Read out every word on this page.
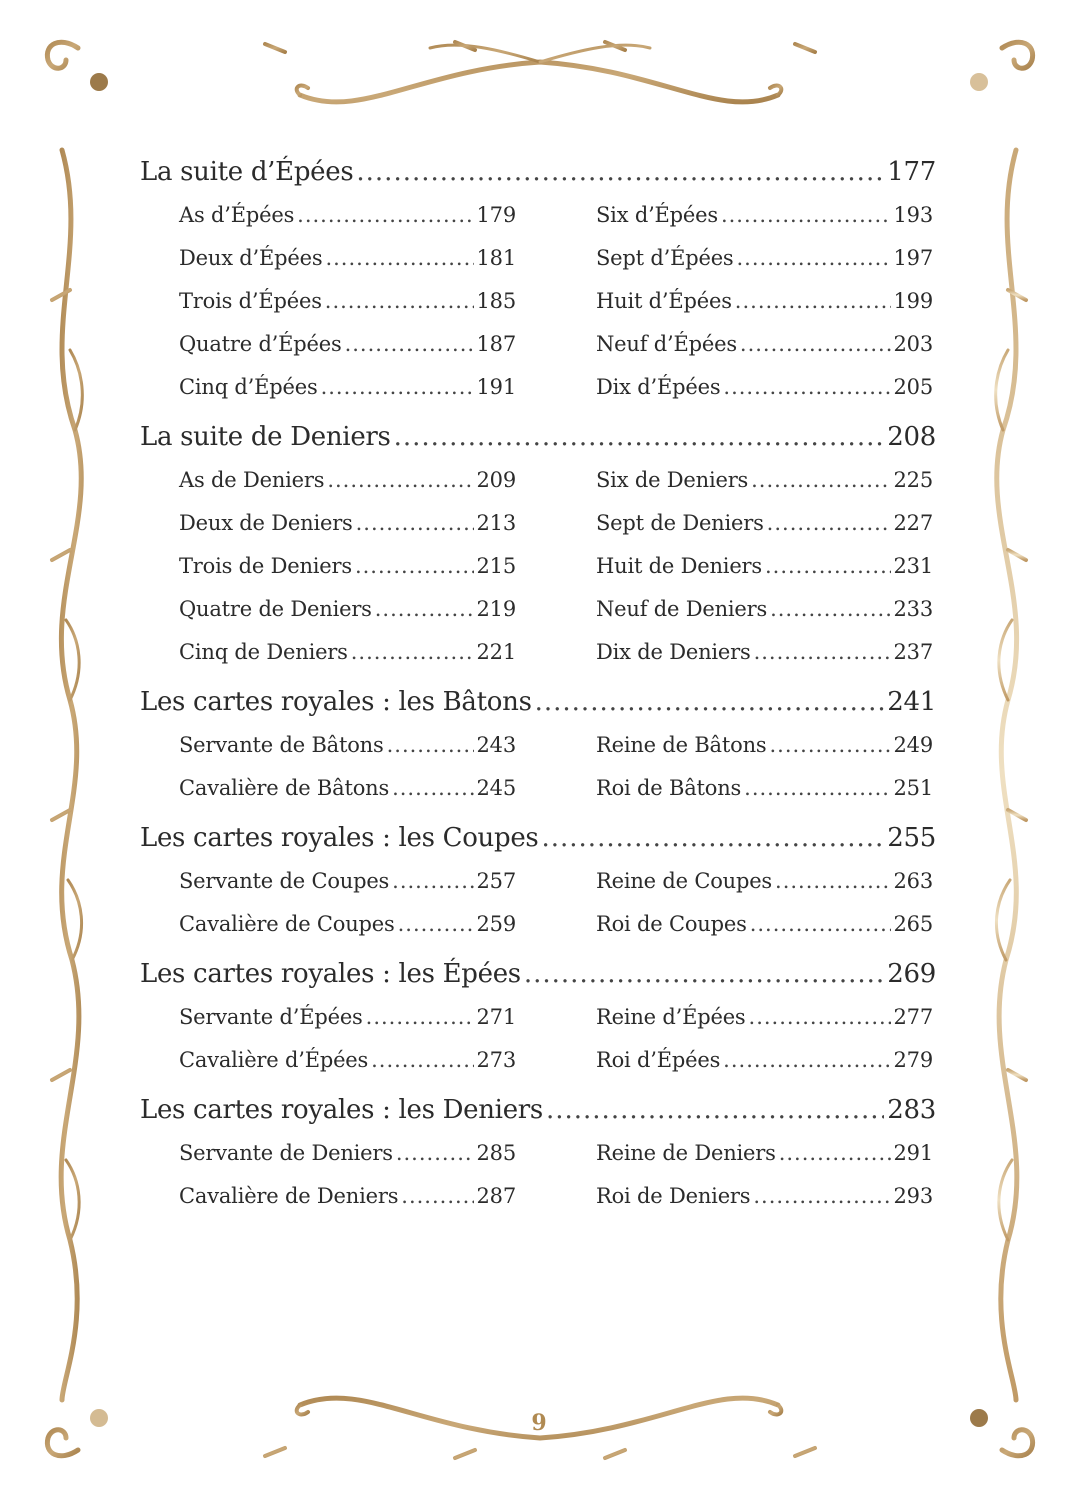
La suite d’Épées .....	177
As d’Épées .....	179	Six d’Épées .....	193
Deux d’Épées .....	181	Sept d’Épées .....	197
Trois d’Épées .....	185	Huit d’Épées .....	199
Quatre d’Épées .....	187	Neuf d’Épées .....	203
Cinq d’Épées .....	191	Dix d’Épées .....	205
La suite de Deniers .....	208
As de Deniers .....	209	Six de Deniers .....	225
Deux de Deniers .....	213	Sept de Deniers .....	227
Trois de Deniers .....	215	Huit de Deniers .....	231
Quatre de Deniers .....	219	Neuf de Deniers .....	233
Cinq de Deniers .....	221	Dix de Deniers .....	237
Les cartes royales : les Bâtons .....	241
Servante de Bâtons .....	243	Reine de Bâtons .....	249
Cavalière de Bâtons .....	245	Roi de Bâtons .....	251
Les cartes royales : les Coupes .....	255
Servante de Coupes .....	257	Reine de Coupes .....	263
Cavalière de Coupes .....	259	Roi de Coupes .....	265
Les cartes royales : les Épées .....	269
Servante d’Épées .....	271	Reine d’Épées .....	277
Cavalière d’Épées .....	273	Roi d’Épées .....	279
Les cartes royales : les Deniers .....	283
Servante de Deniers .....	285	Reine de Deniers .....	291
Cavalière de Deniers .....	287	Roi de Deniers .....	293
9
